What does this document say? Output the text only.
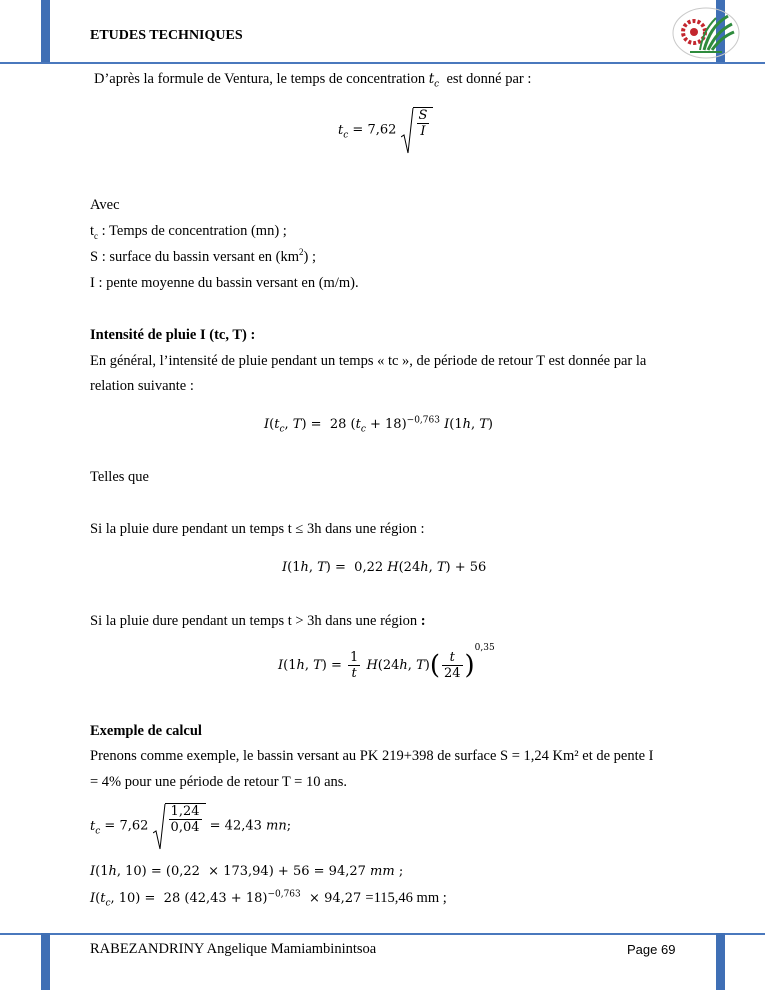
ETUDES TECHNIQUES
D’après la formule de Ventura, le temps de concentration $t_c$ est donné par :
$t_c = 7,62 \frac{S}{I}$
Avec
$t_c$ : Temps de concentration (mn) ;
S : surface du bassin versant en $(km^2)$ ;
I : pente moyenne du bassin versant en (m/m).
Intensité de pluie I (tc, T) :
En général, l’intensité de pluie pendant un temps « tc », de période de retour T est donnée par la
relation suivante :
$I(t_c$, T) =  28 $(t_c + 18)^{-0,763}$ I(1h, T)
Telles que
Si la pluie dure pendant un temps t ≤ 3h dans une région :
I(1h, T) =  0,22 H(24h, T) + 56
Si la pluie dure pendant un temps t > 3h dans une région :
I(1h, $T) = \frac{1}{t} H(24h$, $T)( \frac{t}{24} )^{0,35}$
Exemple de calcul
Prenons comme exemple, le bassin versant au PK 219+398 de surface S = 1,24 Km² et de pente I
= 4% pour une période de retour T = 10 ans.
$t_c = 7,62 \frac{1,24}{0,04} = 42,43$ mn;
I(1h, 10) = (0,22  × 173,94) + 56 = 94,27 mm ;
$I(t_c$, 10) =  28 $(42,43 + 18)^{-0,763} \times 94,27 =115,46$ mm ;
RABEZANDRINY Angelique Mamiambinintsoa	Page 69
